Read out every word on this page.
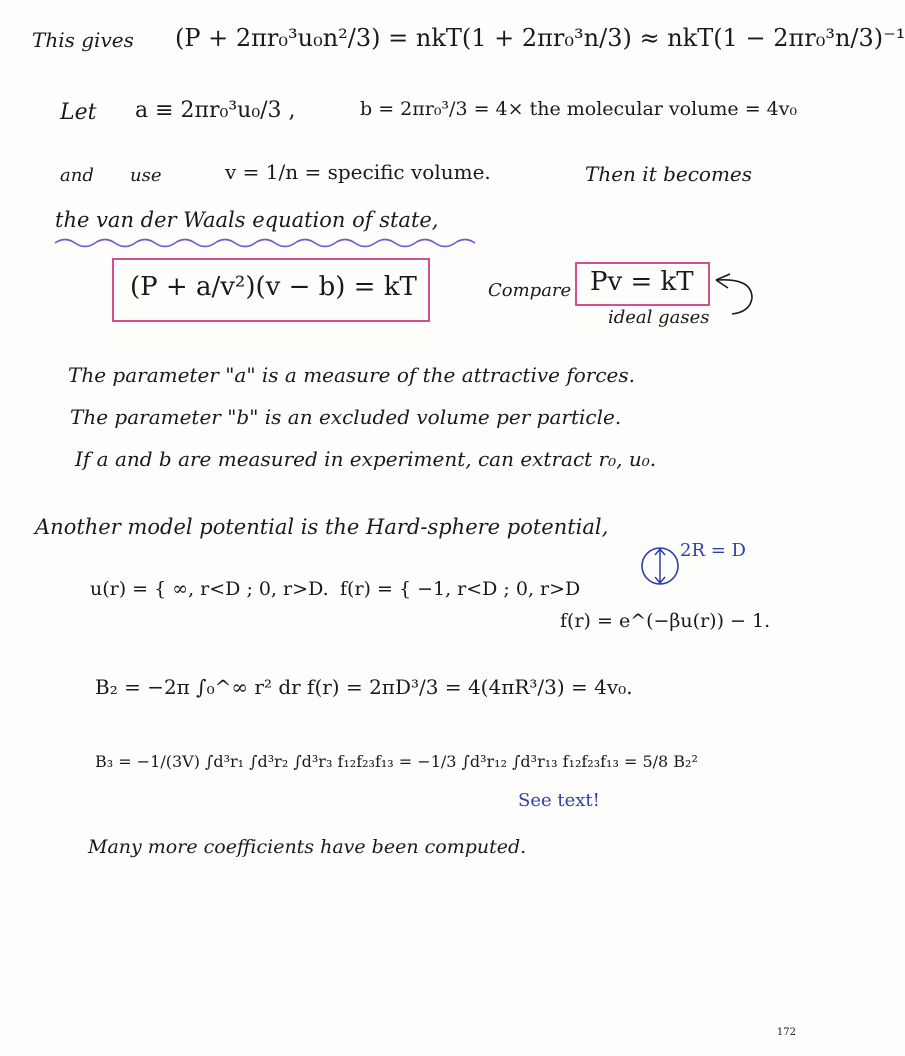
This gives (P + 2πr₀³u₀n²/3) = nkT(1 + 2πr₀³n/3) ≈ nkT(1 − 2πr₀³n/3)⁻¹
Let a ≡ 2πr₀³u₀/3 ,	b = 2πr₀³/3 = 4× the molecular volume = 4v₀
and use	v = 1/n = specific volume.	Then it becomes
the van der Waals equation of state,
(P + a/v²)(v − b) = kT	Compare Pv = kT
ideal gases
The parameter "a" is a measure of the attractive forces.
The parameter "b" is an excluded volume per particle.
If a and b are measured in experiment, can extract r₀, u₀.
Another model potential is the Hard-sphere potential,
2R = D
u(r) = { ∞, r<D ; 0, r>D. f(r) = { −1, r<D ; 0, r>D
f(r) = e^(−βu(r)) − 1.
B₂ = −2π ∫₀^∞ r² dr f(r) = 2πD³/3 = 4(4πR³/3) = 4v₀.
B₃ = −1/(3V) ∫d³r₁ ∫d³r₂ ∫d³r₃ f₁₂f₂₃f₁₃ = −1/3 ∫d³r₁₂ ∫d³r₁₃ f₁₂f₂₃f₁₃ = 5/8 B₂²
See text!
Many more coefficients have been computed.
172
